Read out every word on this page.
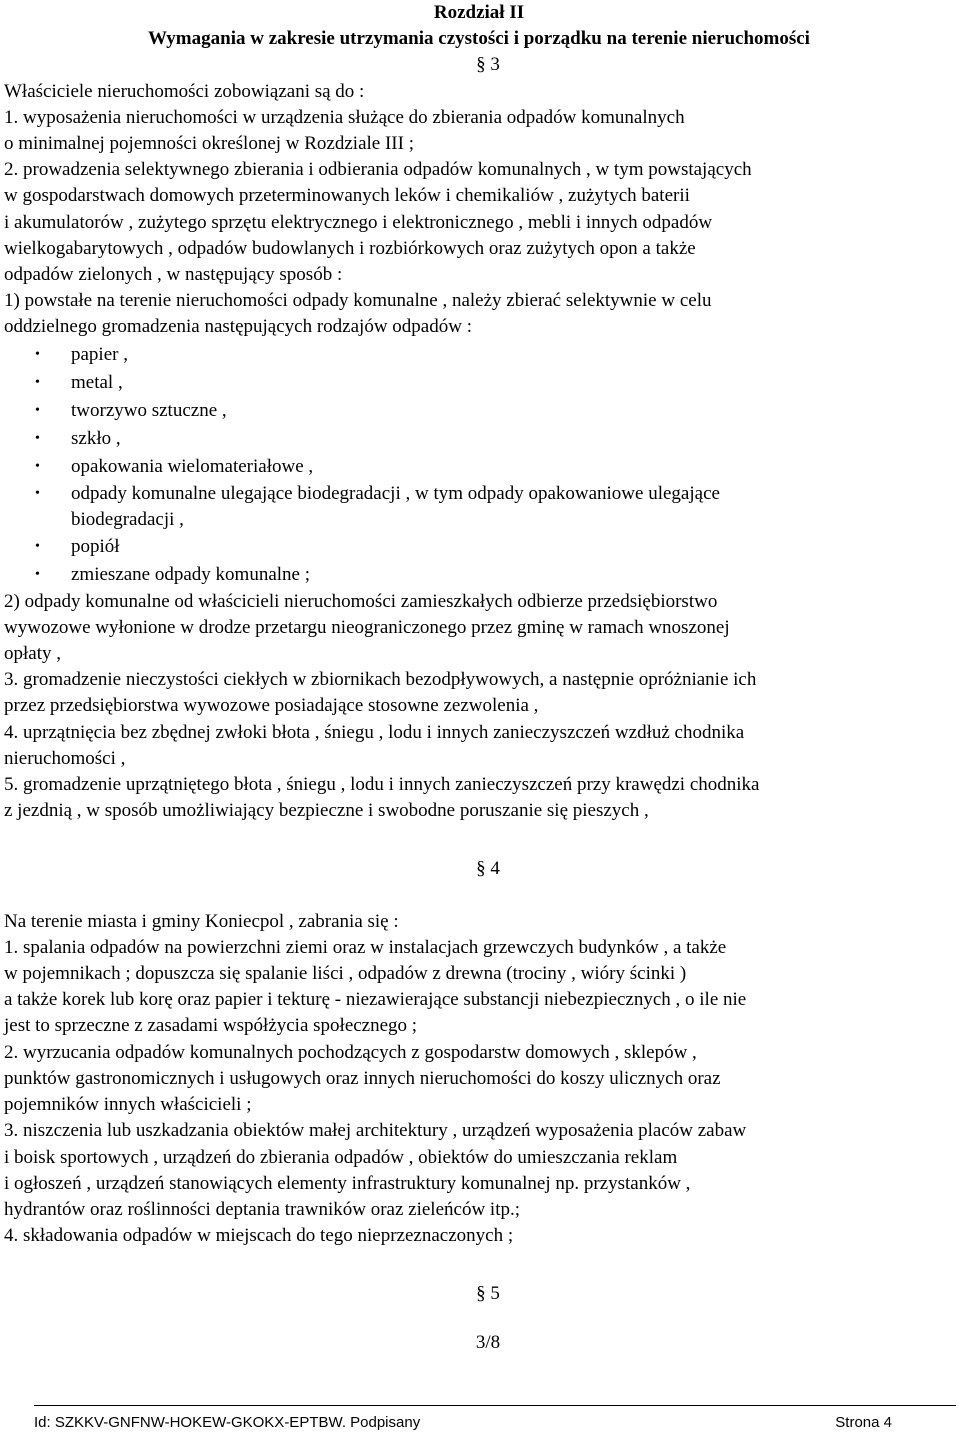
Rozdział II
Wymagania w zakresie utrzymania czystości i porządku na terenie nieruchomości

§ 3

Właściciele nieruchomości zobowiązani są do :

1. wyposażenia nieruchomości w urządzenia służące do zbierania odpadów komunalnych

o minimalnej pojemności określonej w Rozdziale III ;

2. prowadzenia selektywnego zbierania i odbierania odpadów komunalnych , w tym powstających

w gospodarstwach domowych przeterminowanych leków i chemikaliów , zużytych baterii

i akumulatorów , zużytego sprzętu elektrycznego i elektronicznego , mebli i innych odpadów

wielkogabarytowych , odpadów budowlanych i rozbiórkowych oraz zużytych opon a także

odpadów zielonych , w następujący sposób :

1) powstałe na terenie nieruchomości odpady komunalne , należy zbierać selektywnie w celu

oddzielnego gromadzenia następujących rodzajów odpadów :

• papier ,
• metal ,
• tworzywo sztuczne ,
• szkło ,
• opakowania wielomateriałowe ,
• odpady komunalne ulegające biodegradacji , w tym odpady opakowaniowe ulegające
biodegradacji ,
• popiół
• zmieszane odpady komunalne ;

2) odpady komunalne od właścicieli nieruchomości zamieszkałych odbierze przedsiębiorstwo

wywozowe wyłonione w drodze przetargu nieograniczonego przez gminę w ramach wnoszonej

opłaty ,

3. gromadzenie nieczystości ciekłych w zbiornikach bezodpływowych, a następnie opróżnianie ich

przez przedsiębiorstwa wywozowe posiadające stosowne zezwolenia ,

4. uprzątnięcia bez zbędnej zwłoki błota , śniegu , lodu i innych zanieczyszczeń wzdłuż chodnika

nieruchomości ,

5. gromadzenie uprzątniętego błota , śniegu , lodu i innych zanieczyszczeń przy krawędzi chodnika

z jezdnią , w sposób umożliwiający bezpieczne i swobodne poruszanie się pieszych ,

§ 4

Na terenie miasta i gminy Koniecpol , zabrania się :

1. spalania odpadów na powierzchni ziemi oraz w instalacjach grzewczych budynków , a także

w pojemnikach ; dopuszcza się spalanie liści , odpadów z drewna (trociny , wióry ścinki )

a także korek lub korę oraz papier i tekturę - niezawierające substancji niebezpiecznych , o ile nie

jest to sprzeczne z zasadami współżycia społecznego ;

2. wyrzucania odpadów komunalnych pochodzących z gospodarstw domowych , sklepów ,

punktów gastronomicznych i usługowych oraz innych nieruchomości do koszy ulicznych oraz

pojemników innych właścicieli ;

3. niszczenia lub uszkadzania obiektów małej architektury , urządzeń wyposażenia placów zabaw

i boisk sportowych , urządzeń do zbierania odpadów , obiektów do umieszczania reklam

i ogłoszeń , urządzeń stanowiących elementy infrastruktury komunalnej np. przystanków ,

hydrantów oraz roślinności deptania trawników oraz zieleńców itp.;

4. składowania odpadów w miejscach do tego nieprzeznaczonych ;

§ 5

3/8

Id: SZKKV-GNFNW-HOKEW-GKOKX-EPTBW. Podpisany	Strona 4
